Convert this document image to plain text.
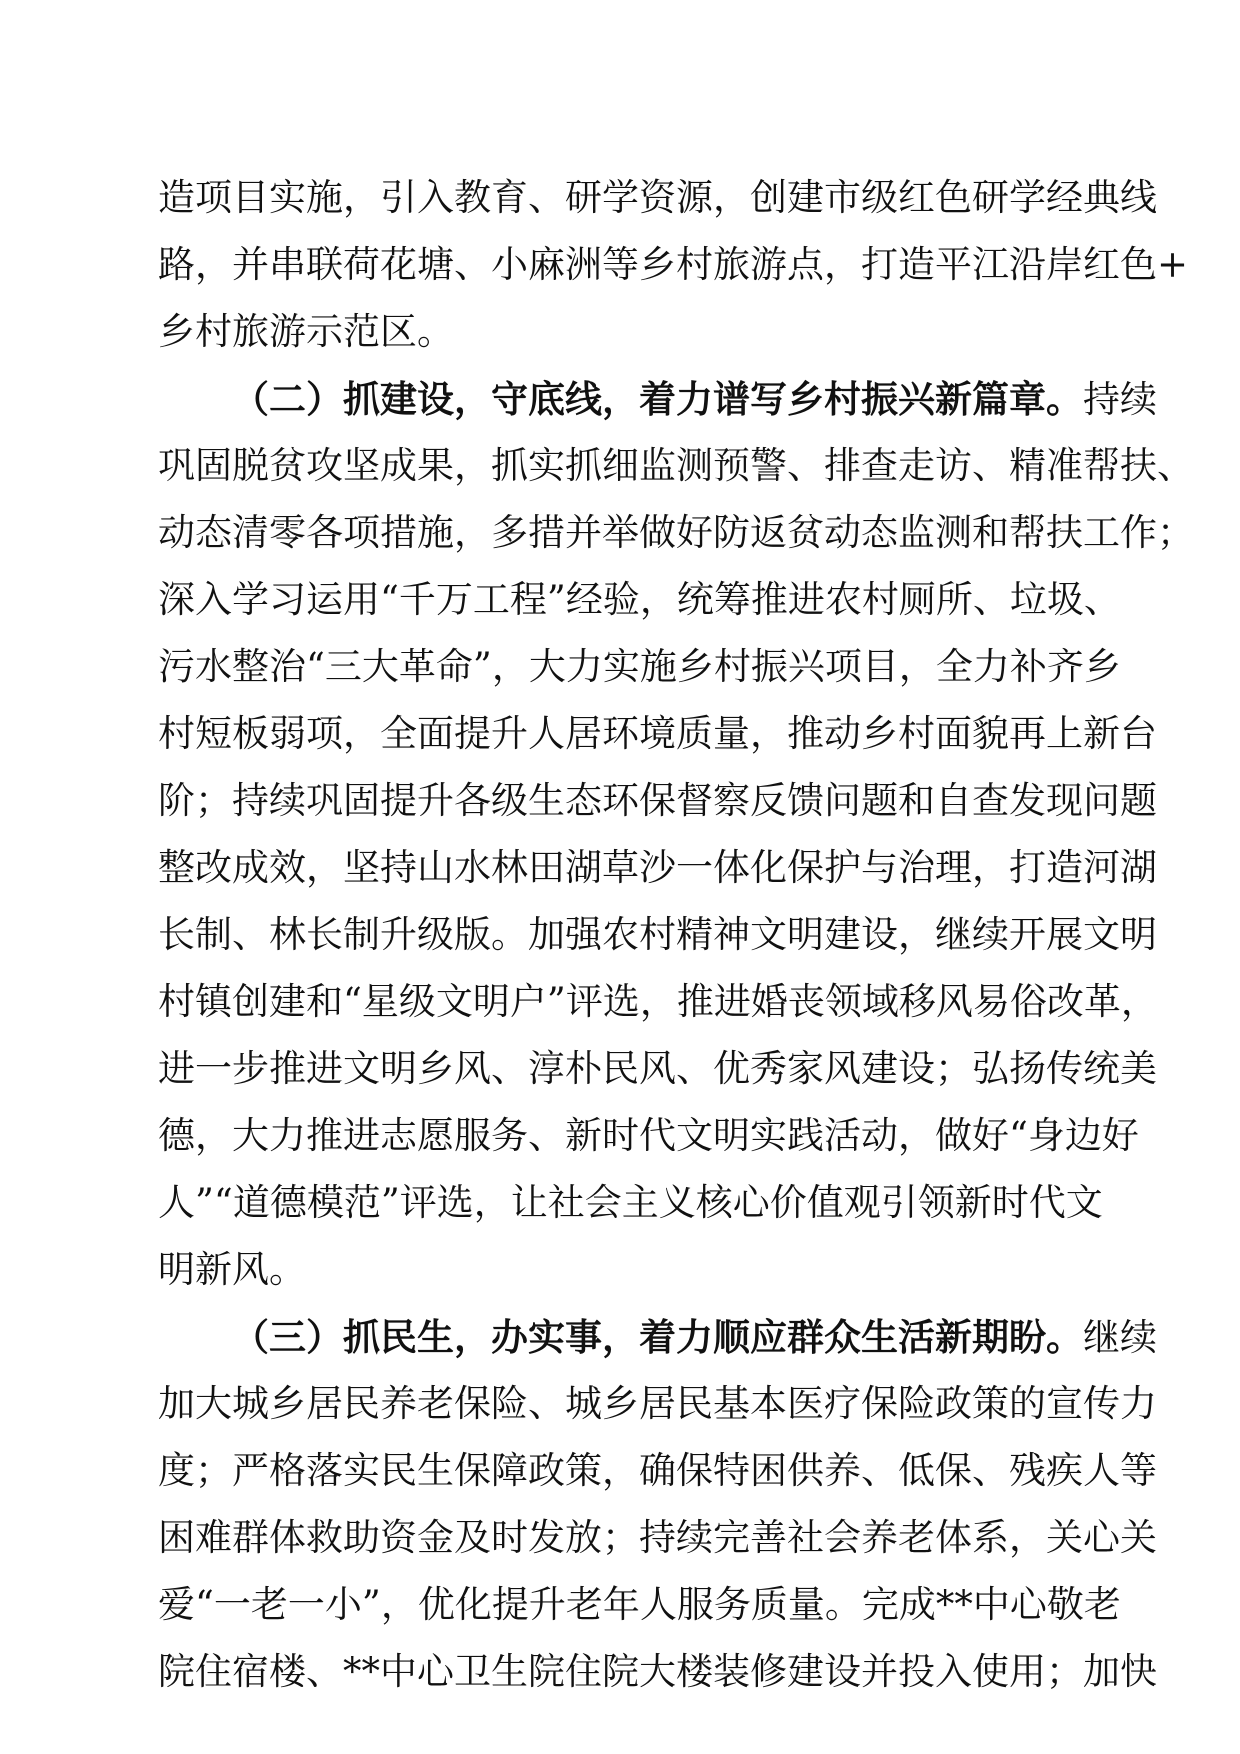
造项目实施，引入教育、研学资源，创建市级红色研学经典线

路，并串联荷花塘、小麻洲等乡村旅游点，打造平江沿岸红色+

乡村旅游示范区。

（二）抓建设，守底线，着力谱写乡村振兴新篇章。持续

巩固脱贫攻坚成果，抓实抓细监测预警、排查走访、精准帮扶、

动态清零各项措施，多措并举做好防返贫动态监测和帮扶工作；

深入学习运用“千万工程”经验，统筹推进农村厕所、垃圾、

污水整治“三大革命”，大力实施乡村振兴项目，全力补齐乡

村短板弱项，全面提升人居环境质量，推动乡村面貌再上新台

阶；持续巩固提升各级生态环保督察反馈问题和自查发现问题

整改成效，坚持山水林田湖草沙一体化保护与治理，打造河湖

长制、林长制升级版。加强农村精神文明建设，继续开展文明

村镇创建和“星级文明户”评选，推进婚丧领域移风易俗改革，

进一步推进文明乡风、淳朴民风、优秀家风建设；弘扬传统美

德，大力推进志愿服务、新时代文明实践活动，做好“身边好

人”“道德模范”评选，让社会主义核心价值观引领新时代文

明新风。

（三）抓民生，办实事，着力顺应群众生活新期盼。继续

加大城乡居民养老保险、城乡居民基本医疗保险政策的宣传力

度；严格落实民生保障政策，确保特困供养、低保、残疾人等

困难群体救助资金及时发放；持续完善社会养老体系，关心关

爱“一老一小”，优化提升老年人服务质量。完成**中心敬老

院住宿楼、**中心卫生院住院大楼装修建设并投入使用；加快
